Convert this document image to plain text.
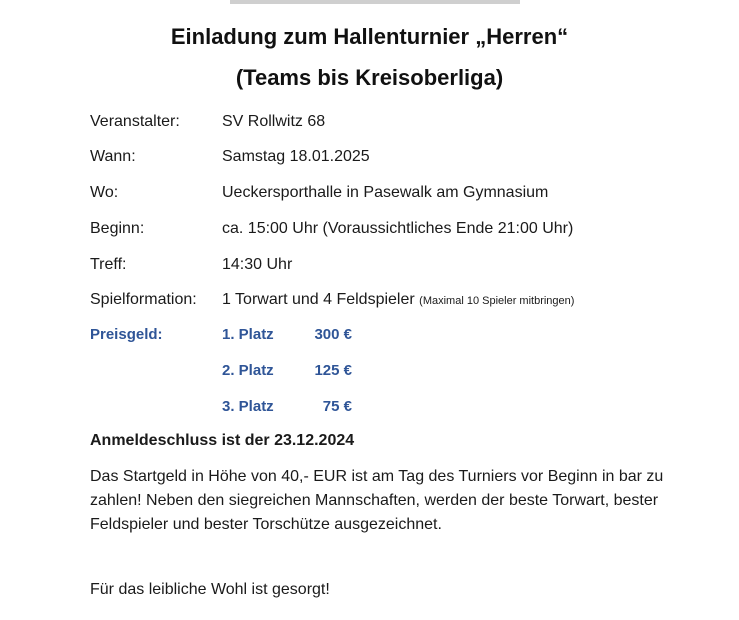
Einladung zum Hallenturnier „Herren“
(Teams bis Kreisoberliga)
Veranstalter:	SV Rollwitz 68
Wann:	Samstag 18.01.2025
Wo:	Ueckersporthalle in Pasewalk am Gymnasium
Beginn:	ca. 15:00 Uhr (Voraussichtliches Ende 21:00 Uhr)
Treff:	14:30 Uhr
Spielformation: 1 Torwart und 4 Feldspieler (Maximal 10 Spieler mitbringen)
Preisgeld:	1. Platz	300 €
2. Platz	125 €
3. Platz	75 €
Anmeldeschluss ist der 23.12.2024
Das Startgeld in Höhe von 40,- EUR ist am Tag des Turniers vor Beginn in bar zu zahlen! Neben den siegreichen Mannschaften, werden der beste Torwart, bester Feldspieler und bester Torschütze ausgezeichnet.
Für das leibliche Wohl ist gesorgt!
